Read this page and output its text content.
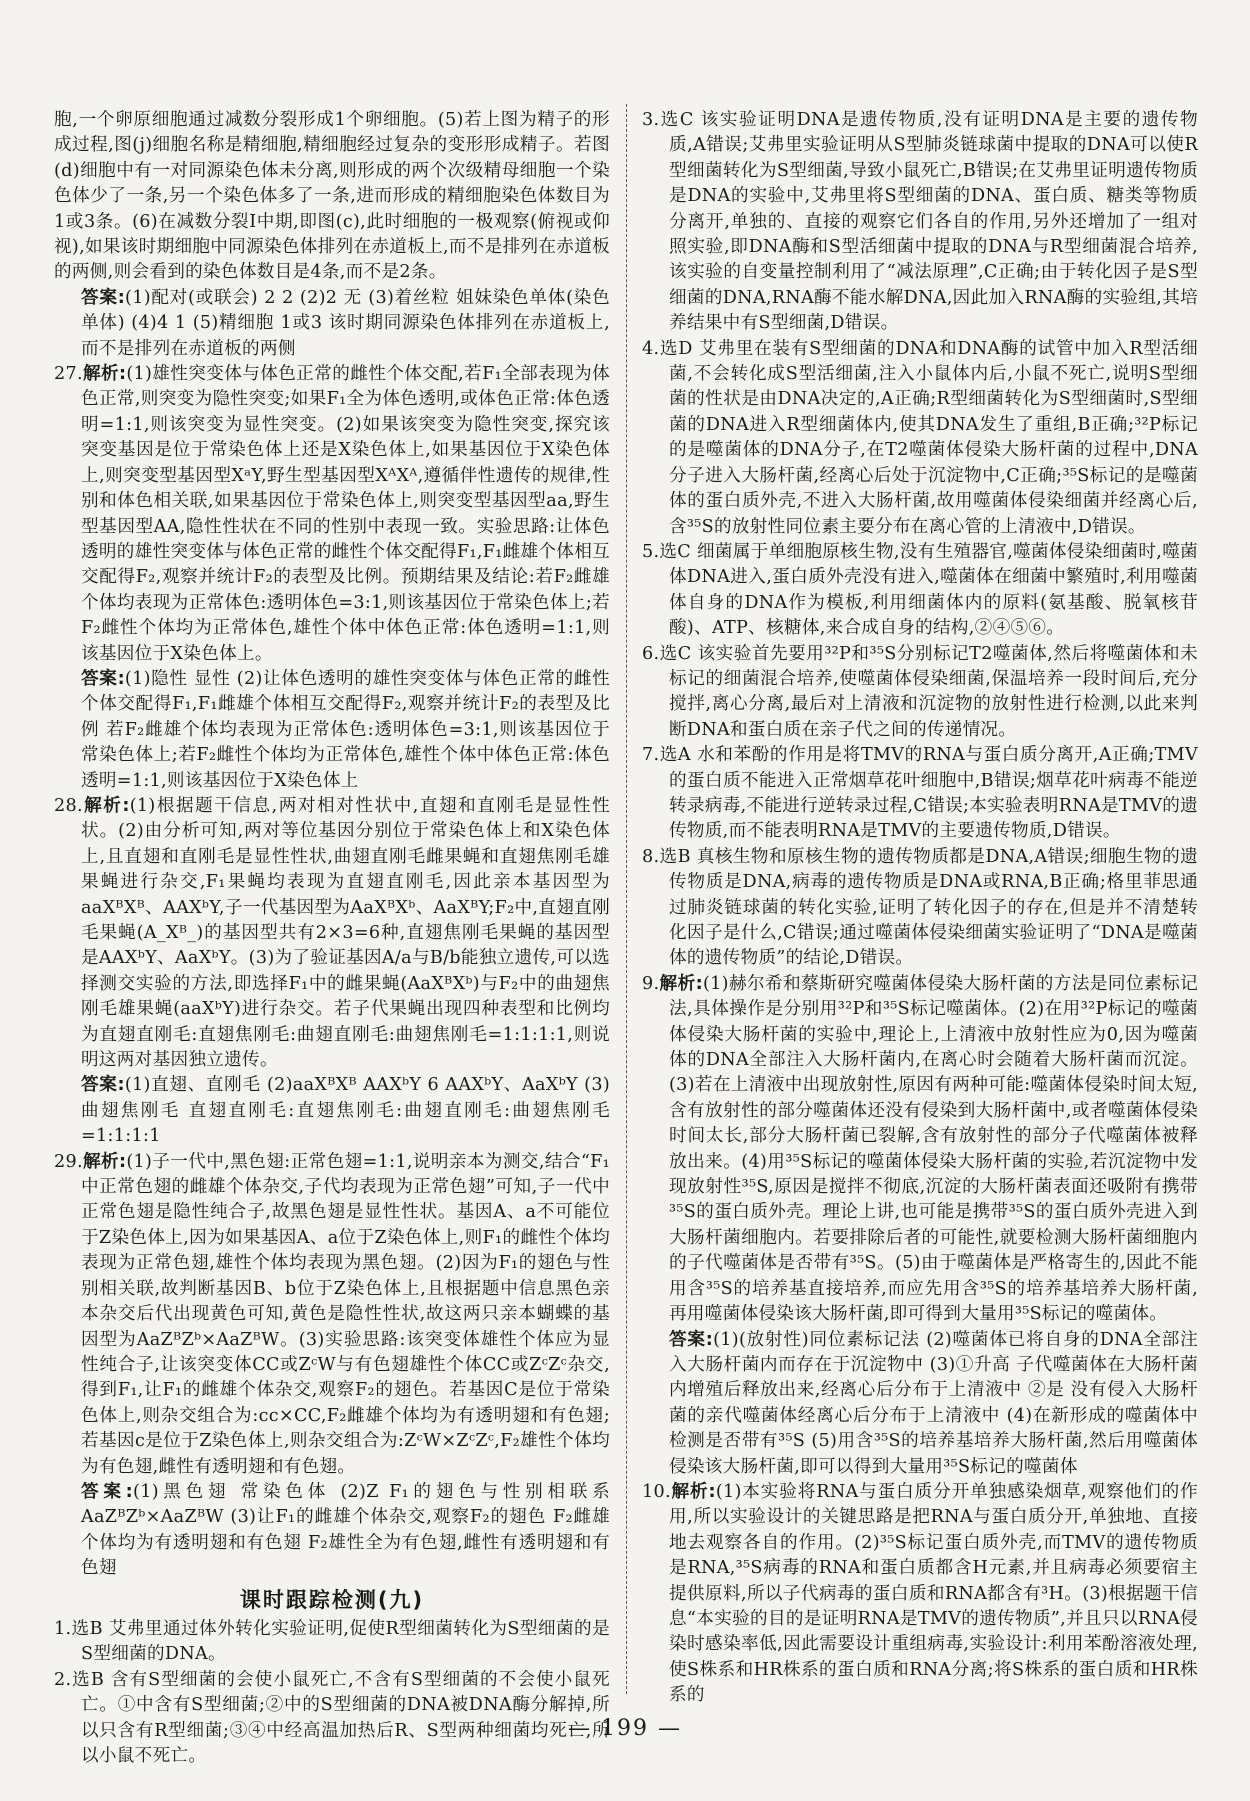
胞,一个卵原细胞通过减数分裂形成1个卵细胞。(5)若上图为精子的形成过程,图(j)细胞名称是精细胞,精细胞经过复杂的变形形成精子。若图(d)细胞中有一对同源染色体未分离,则形成的两个次级精母细胞一个染色体少了一条,另一个染色体多了一条,进而形成的精细胞染色体数目为1或3条。(6)在减数分裂Ⅰ中期,即图(c),此时细胞的一极观察(俯视或仰视),如果该时期细胞中同源染色体排列在赤道板上,而不是排列在赤道板的两侧,则会看到的染色体数目是4条,而不是2条。

答案:(1)配对(或联会) 2 2 (2)2 无 (3)着丝粒 姐妹染色单体(染色单体) (4)4 1 (5)精细胞 1或3 该时期同源染色体排列在赤道板上,而不是排列在赤道板的两侧

27.解析:(1)雄性突变体与体色正常的雌性个体交配,若F₁全部表现为体色正常,则突变为隐性突变;如果F₁全为体色透明,或体色正常:体色透明=1:1,则该突变为显性突变。(2)如果该突变为隐性突变,探究该突变基因是位于常染色体上还是X染色体上,如果基因位于X染色体上,则突变型基因型XᵃY,野生型基因型XᴬXᴬ,遵循伴性遗传的规律,性别和体色相关联,如果基因位于常染色体上,则突变型基因型aa,野生型基因型AA,隐性性状在不同的性别中表现一致。实验思路:让体色透明的雄性突变体与体色正常的雌性个体交配得F₁,F₁雌雄个体相互交配得F₂,观察并统计F₂的表型及比例。预期结果及结论:若F₂雌雄个体均表现为正常体色:透明体色=3:1,则该基因位于常染色体上;若F₂雌性个体均为正常体色,雄性个体中体色正常:体色透明=1:1,则该基因位于X染色体上。

答案:(1)隐性 显性 (2)让体色透明的雄性突变体与体色正常的雌性个体交配得F₁,F₁雌雄个体相互交配得F₂,观察并统计F₂的表型及比例 若F₂雌雄个体均表现为正常体色:透明体色=3:1,则该基因位于常染色体上;若F₂雌性个体均为正常体色,雄性个体中体色正常:体色透明=1:1,则该基因位于X染色体上

28.解析:(1)根据题干信息,两对相对性状中,直翅和直刚毛是显性性状。(2)由分析可知,两对等位基因分别位于常染色体上和X染色体上,且直翅和直刚毛是显性性状,曲翅直刚毛雌果蝇和直翅焦刚毛雄果蝇进行杂交,F₁果蝇均表现为直翅直刚毛,因此亲本基因型为aaXᴮXᴮ、AAXᵇY,子一代基因型为AaXᴮXᵇ、AaXᴮY;F₂中,直翅直刚毛果蝇(A_Xᴮ_)的基因型共有2×3=6种,直翅焦刚毛果蝇的基因型是AAXᵇY、AaXᵇY。(3)为了验证基因A/a与B/b能独立遗传,可以选择测交实验的方法,即选择F₁中的雌果蝇(AaXᴮXᵇ)与F₂中的曲翅焦刚毛雄果蝇(aaXᵇY)进行杂交。若子代果蝇出现四种表型和比例均为直翅直刚毛:直翅焦刚毛:曲翅直刚毛:曲翅焦刚毛=1:1:1:1,则说明这两对基因独立遗传。

答案:(1)直翅、直刚毛 (2)aaXᴮXᴮ AAXᵇY 6 AAXᵇY、AaXᵇY (3)曲翅焦刚毛 直翅直刚毛:直翅焦刚毛:曲翅直刚毛:曲翅焦刚毛=1:1:1:1

29.解析:(1)子一代中,黑色翅:正常色翅=1:1,说明亲本为测交,结合“F₁中正常色翅的雌雄个体杂交,子代均表现为正常色翅”可知,子一代中正常色翅是隐性纯合子,故黑色翅是显性性状。基因A、a不可能位于Z染色体上,因为如果基因A、a位于Z染色体上,则F₁的雌性个体均表现为正常色翅,雄性个体均表现为黑色翅。(2)因为F₁的翅色与性别相关联,故判断基因B、b位于Z染色体上,且根据题中信息黑色亲本杂交后代出现黄色可知,黄色是隐性性状,故这两只亲本蝴蝶的基因型为AaZᴮZᵇ×AaZᴮW。(3)实验思路:该突变体雄性个体应为显性纯合子,让该突变体CC或ZᶜW与有色翅雄性个体CC或ZᶜZᶜ杂交,得到F₁,让F₁的雌雄个体杂交,观察F₂的翅色。若基因C是位于常染色体上,则杂交组合为:cc×CC,F₂雌雄个体均为有透明翅和有色翅;若基因c是位于Z染色体上,则杂交组合为:ZᶜW×ZᶜZᶜ,F₂雄性个体均为有色翅,雌性有透明翅和有色翅。

答案:(1)黑色翅 常染色体 (2)Z F₁的翅色与性别相联系 AaZᴮZᵇ×AaZᴮW (3)让F₁的雌雄个体杂交,观察F₂的翅色 F₂雌雄个体均为有透明翅和有色翅 F₂雄性全为有色翅,雌性有透明翅和有色翅

课时跟踪检测(九)

1.选B 艾弗里通过体外转化实验证明,促使R型细菌转化为S型细菌的是S型细菌的DNA。

2.选B 含有S型细菌的会使小鼠死亡,不含有S型细菌的不会使小鼠死亡。①中含有S型细菌;②中的S型细菌的DNA被DNA酶分解掉,所以只含有R型细菌;③④中经高温加热后R、S型两种细菌均死亡,所以小鼠不死亡。

3.选C 该实验证明DNA是遗传物质,没有证明DNA是主要的遗传物质,A错误;艾弗里实验证明从S型肺炎链球菌中提取的DNA可以使R型细菌转化为S型细菌,导致小鼠死亡,B错误;在艾弗里证明遗传物质是DNA的实验中,艾弗里将S型细菌的DNA、蛋白质、糖类等物质分离开,单独的、直接的观察它们各自的作用,另外还增加了一组对照实验,即DNA酶和S型活细菌中提取的DNA与R型细菌混合培养,该实验的自变量控制利用了“减法原理”,C正确;由于转化因子是S型细菌的DNA,RNA酶不能水解DNA,因此加入RNA酶的实验组,其培养结果中有S型细菌,D错误。

4.选D 艾弗里在装有S型细菌的DNA和DNA酶的试管中加入R型活细菌,不会转化成S型活细菌,注入小鼠体内后,小鼠不死亡,说明S型细菌的性状是由DNA决定的,A正确;R型细菌转化为S型细菌时,S型细菌的DNA进入R型细菌体内,使其DNA发生了重组,B正确;³²P标记的是噬菌体的DNA分子,在T2噬菌体侵染大肠杆菌的过程中,DNA分子进入大肠杆菌,经离心后处于沉淀物中,C正确;³⁵S标记的是噬菌体的蛋白质外壳,不进入大肠杆菌,故用噬菌体侵染细菌并经离心后,含³⁵S的放射性同位素主要分布在离心管的上清液中,D错误。

5.选C 细菌属于单细胞原核生物,没有生殖器官,噬菌体侵染细菌时,噬菌体DNA进入,蛋白质外壳没有进入,噬菌体在细菌中繁殖时,利用噬菌体自身的DNA作为模板,利用细菌体内的原料(氨基酸、脱氧核苷酸)、ATP、核糖体,来合成自身的结构,②④⑤⑥。

6.选C 该实验首先要用³²P和³⁵S分别标记T2噬菌体,然后将噬菌体和未标记的细菌混合培养,使噬菌体侵染细菌,保温培养一段时间后,充分搅拌,离心分离,最后对上清液和沉淀物的放射性进行检测,以此来判断DNA和蛋白质在亲子代之间的传递情况。

7.选A 水和苯酚的作用是将TMV的RNA与蛋白质分离开,A正确;TMV的蛋白质不能进入正常烟草花叶细胞中,B错误;烟草花叶病毒不能逆转录病毒,不能进行逆转录过程,C错误;本实验表明RNA是TMV的遗传物质,而不能表明RNA是TMV的主要遗传物质,D错误。

8.选B 真核生物和原核生物的遗传物质都是DNA,A错误;细胞生物的遗传物质是DNA,病毒的遗传物质是DNA或RNA,B正确;格里菲思通过肺炎链球菌的转化实验,证明了转化因子的存在,但是并不清楚转化因子是什么,C错误;通过噬菌体侵染细菌实验证明了“DNA是噬菌体的遗传物质”的结论,D错误。

9.解析:(1)赫尔希和蔡斯研究噬菌体侵染大肠杆菌的方法是同位素标记法,具体操作是分别用³²P和³⁵S标记噬菌体。(2)在用³²P标记的噬菌体侵染大肠杆菌的实验中,理论上,上清液中放射性应为0,因为噬菌体的DNA全部注入大肠杆菌内,在离心时会随着大肠杆菌而沉淀。(3)若在上清液中出现放射性,原因有两种可能:噬菌体侵染时间太短,含有放射性的部分噬菌体还没有侵染到大肠杆菌中,或者噬菌体侵染时间太长,部分大肠杆菌已裂解,含有放射性的部分子代噬菌体被释放出来。(4)用³⁵S标记的噬菌体侵染大肠杆菌的实验,若沉淀物中发现放射性³⁵S,原因是搅拌不彻底,沉淀的大肠杆菌表面还吸附有携带³⁵S的蛋白质外壳。理论上讲,也可能是携带³⁵S的蛋白质外壳进入到大肠杆菌细胞内。若要排除后者的可能性,就要检测大肠杆菌细胞内的子代噬菌体是否带有³⁵S。(5)由于噬菌体是严格寄生的,因此不能用含³⁵S的培养基直接培养,而应先用含³⁵S的培养基培养大肠杆菌,再用噬菌体侵染该大肠杆菌,即可得到大量用³⁵S标记的噬菌体。

答案:(1)(放射性)同位素标记法 (2)噬菌体已将自身的DNA全部注入大肠杆菌内而存在于沉淀物中 (3)①升高 子代噬菌体在大肠杆菌内增殖后释放出来,经离心后分布于上清液中 ②是 没有侵入大肠杆菌的亲代噬菌体经离心后分布于上清液中 (4)在新形成的噬菌体中检测是否带有³⁵S (5)用含³⁵S的培养基培养大肠杆菌,然后用噬菌体侵染该大肠杆菌,即可以得到大量用³⁵S标记的噬菌体

10.解析:(1)本实验将RNA与蛋白质分开单独感染烟草,观察他们的作用,所以实验设计的关键思路是把RNA与蛋白质分开,单独地、直接地去观察各自的作用。(2)³⁵S标记蛋白质外壳,而TMV的遗传物质是RNA,³⁵S病毒的RNA和蛋白质都含H元素,并且病毒必须要宿主提供原料,所以子代病毒的蛋白质和RNA都含有³H。(3)根据题干信息“本实验的目的是证明RNA是TMV的遗传物质”,并且只以RNA侵染时感染率低,因此需要设计重组病毒,实验设计:利用苯酚溶液处理,使S株系和HR株系的蛋白质和RNA分离;将S株系的蛋白质和HR株系的

— 199 —
